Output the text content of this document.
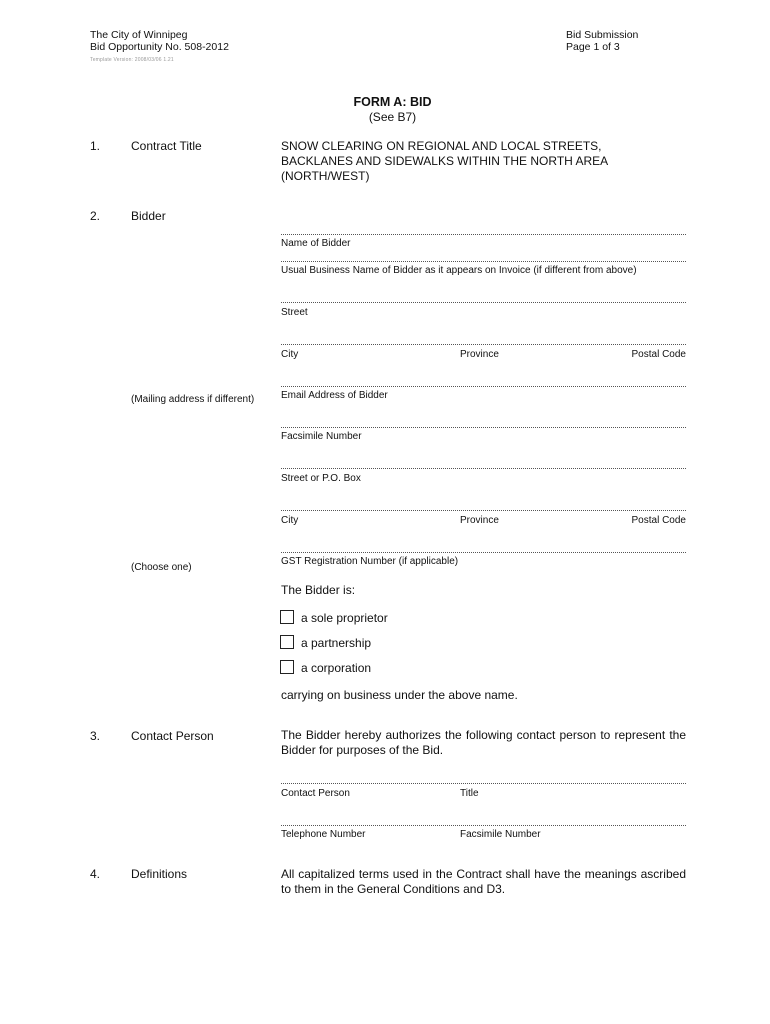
The City of Winnipeg
Bid Opportunity No. 508-2012
Template Version: 2008/03/06 1.21
Bid Submission
Page 1 of 3
FORM A: BID
(See B7)
1.	Contract Title	SNOW CLEARING ON REGIONAL AND LOCAL STREETS,
BACKLANES AND SIDEWALKS WITHIN THE NORTH AREA
(NORTH/WEST)
2.	Bidder
Name of Bidder
Usual Business Name of Bidder as it appears on Invoice (if different from above)
Street
City	Province	Postal Code
Email Address of Bidder
(Mailing address if different)
Facsimile Number
Street or P.O. Box
City	Province	Postal Code
GST Registration Number (if applicable)
(Choose one)
The Bidder is:
a sole proprietor
a partnership
a corporation
carrying on business under the above name.
3.	Contact Person	The Bidder hereby authorizes the following contact person to represent the Bidder for purposes of the Bid.
Contact Person	Title
Telephone Number	Facsimile Number
4.	Definitions	All capitalized terms used in the Contract shall have the meanings ascribed to them in the General Conditions and D3.
